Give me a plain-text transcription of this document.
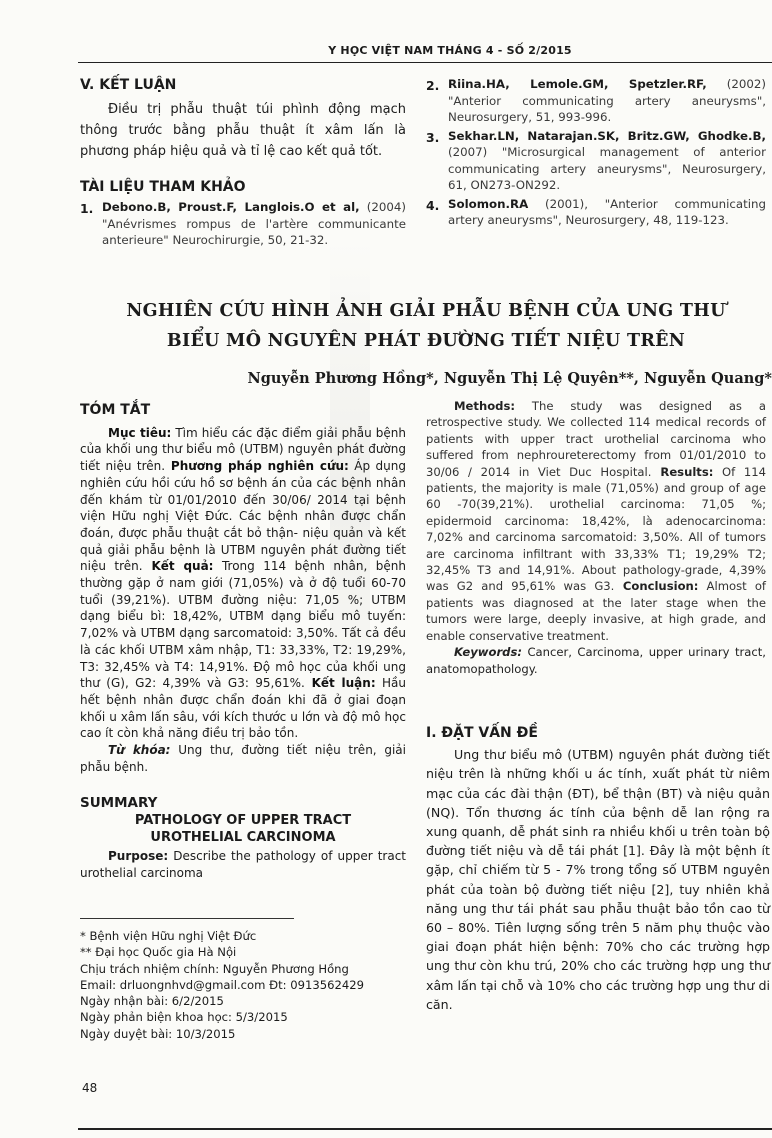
Y HỌC VIỆT NAM THÁNG 4 - SỐ 2/2015

V. KẾT LUẬN

Điều trị phẫu thuật túi phình động mạch thông trước bằng phẫu thuật ít xâm lấn là phương pháp hiệu quả và tỉ lệ cao kết quả tốt.

TÀI LIỆU THAM KHẢO

1. Debono.B, Proust.F, Langlois.O et al, (2004) "Anévrismes rompus de l'artère communicante anterieure" Neurochirurgie, 50, 21-32.
2. Riina.HA, Lemole.GM, Spetzler.RF, (2002) "Anterior communicating artery aneurysms", Neurosurgery, 51, 993-996.
3. Sekhar.LN, Natarajan.SK, Britz.GW, Ghodke.B, (2007) "Microsurgical management of anterior communicating artery aneurysms", Neurosurgery, 61, ON273-ON292.
4. Solomon.RA (2001), "Anterior communicating artery aneurysms", Neurosurgery, 48, 119-123.
NGHIÊN CỨU HÌNH ẢNH GIẢI PHẪU BỆNH CỦA UNG THƯ
BIỂU MÔ NGUYÊN PHÁT ĐƯỜNG TIẾT NIỆU TRÊN
Nguyễn Phương Hồng*, Nguyễn Thị Lệ Quyên**, Nguyễn Quang*

TÓM TẮT

Mục tiêu: Tìm hiểu các đặc điểm giải phẫu bệnh của khối ung thư biểu mô (UTBM) nguyên phát đường tiết niệu trên. Phương pháp nghiên cứu: Áp dụng nghiên cứu hồi cứu hồ sơ bệnh án của các bệnh nhân đến khám từ 01/01/2010 đến 30/06/ 2014 tại bệnh viện Hữu nghị Việt Đức. Các bệnh nhân được chẩn đoán, được phẫu thuật cắt bỏ thận- niệu quản và kết quả giải phẫu bệnh là UTBM nguyên phát đường tiết niệu trên. Kết quả: Trong 114 bệnh nhân, bệnh thường gặp ở nam giới (71,05%) và ở độ tuổi 60-70 tuổi (39,21%). UTBM đường niệu: 71,05 %; UTBM dạng biểu bì: 18,42%, UTBM dạng biểu mô tuyến: 7,02% và UTBM dạng sarcomatoid: 3,50%. Tất cả đều là các khối UTBM xâm nhập, T1: 33,33%, T2: 19,29%, T3: 32,45% và T4: 14,91%. Độ mô học của khối ung thư (G), G2: 4,39% và G3: 95,61%. Kết luận: Hầu hết bệnh nhân được chẩn đoán khi đã ở giai đoạn khối u xâm lấn sâu, với kích thước u lớn và độ mô học cao ít còn khả năng điều trị bảo tồn.

Từ khóa: Ung thư, đường tiết niệu trên, giải phẫu bệnh.

SUMMARY

PATHOLOGY OF UPPER TRACT
UROTHELIAL CARCINOMA

Purpose: Describe the pathology of upper tract urothelial carcinoma

Methods: The study was designed as a retrospective study. We collected 114 medical records of patients with upper tract urothelial carcinoma who suffered from nephroureterectomy from 01/01/2010 to 30/06 / 2014 in Viet Duc Hospital. Results: Of 114 patients, the majority is male (71,05%) and group of age 60 -70(39,21%). urothelial carcinoma: 71,05 %; epidermoid carcinoma: 18,42%, là adenocarcinoma: 7,02% and carcinoma sarcomatoid: 3,50%. All of tumors are carcinoma infiltrant with 33,33% T1; 19,29% T2; 32,45% T3 and 14,91%. About pathology-grade, 4,39% was G2 and 95,61% was G3. Conclusion: Almost of patients was diagnosed at the later stage when the tumors were large, deeply invasive, at high grade, and enable conservative treatment.

Keywords: Cancer, Carcinoma, upper urinary tract, anatomopathology.

I. ĐẶT VẤN ĐỀ

Ung thư biểu mô (UTBM) nguyên phát đường tiết niệu trên là những khối u ác tính, xuất phát từ niêm mạc của các đài thận (ĐT), bể thận (BT) và niệu quản (NQ). Tổn thương ác tính của bệnh dễ lan rộng ra xung quanh, dễ phát sinh ra nhiều khối u trên toàn bộ đường tiết niệu và dễ tái phát [1]. Đây là một bệnh ít gặp, chỉ chiếm từ 5 - 7% trong tổng số UTBM nguyên phát của toàn bộ đường tiết niệu [2], tuy nhiên khả năng ung thư tái phát sau phẫu thuật bảo tồn cao từ 60 – 80%. Tiên lượng sống trên 5 năm phụ thuộc vào giai đoạn phát hiện bệnh: 70% cho các trường hợp ung thư còn khu trú, 20% cho các trường hợp ung thư xâm lấn tại chỗ và 10% cho các trường hợp ung thư di căn.

* Bệnh viện Hữu nghị Việt Đức
** Đại học Quốc gia Hà Nội
Chịu trách nhiệm chính: Nguyễn Phương Hồng
Email: drluongnhvd@gmail.com Đt: 0913562429
Ngày nhận bài: 6/2/2015
Ngày phản biện khoa học: 5/3/2015
Ngày duyệt bài: 10/3/2015
48
